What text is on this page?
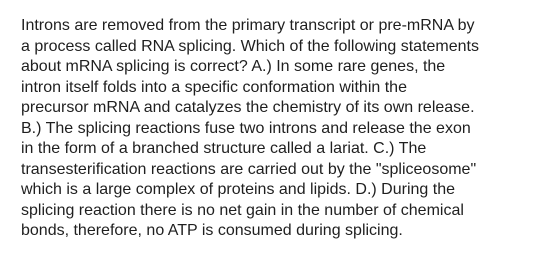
Introns are removed from the primary transcript or pre-mRNA by
a process called RNA splicing. Which of the following statements
about mRNA splicing is correct? A.) In some rare genes, the
intron itself folds into a specific conformation within the
precursor mRNA and catalyzes the chemistry of its own release.
B.) The splicing reactions fuse two introns and release the exon
in the form of a branched structure called a lariat. C.) The
transesterification reactions are carried out by the "spliceosome"
which is a large complex of proteins and lipids. D.) During the
splicing reaction there is no net gain in the number of chemical
bonds, therefore, no ATP is consumed during splicing.
